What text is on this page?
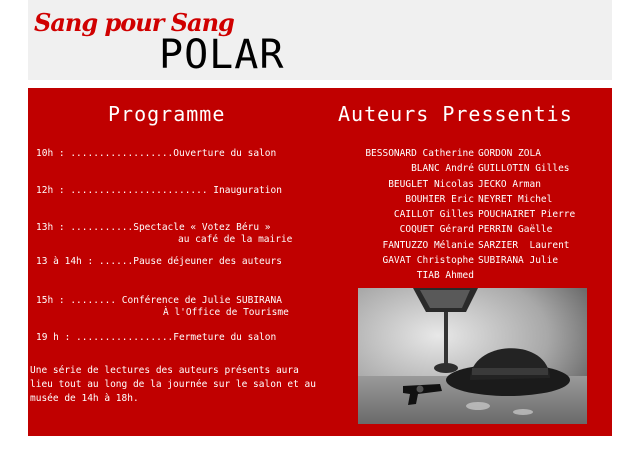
Sang pour Sang
POLAR
Programme	Auteurs Pressentis
10h : ..................Ouverture du salon
12h : ........................ Inauguration
13h : ...........Spectacle « Votez Béru »
au café de la mairie
13 à 14h : ......Pause déjeuner des auteurs
15h : ........ Conférence de Julie SUBIRANA
À l'Office de Tourisme
19 h : .................Fermeture du salon
Une série de lectures des auteurs présents aura lieu tout au long de la journée sur le salon et au musée de 14h à 18h.
BESSONARD Catherine GORDON ZOLA
BLANC André GUILLOTIN Gilles
BEUGLET Nicolas JECKO Arman
BOUHIER Eric NEYRET Michel
CAILLOT Gilles POUCHAIRET Pierre
COQUET Gérard PERRIN Gaëlle
FANTUZZO Mélanie SARZIER  Laurent
GAVAT Christophe SUBIRANA Julie
TIAB Ahmed
